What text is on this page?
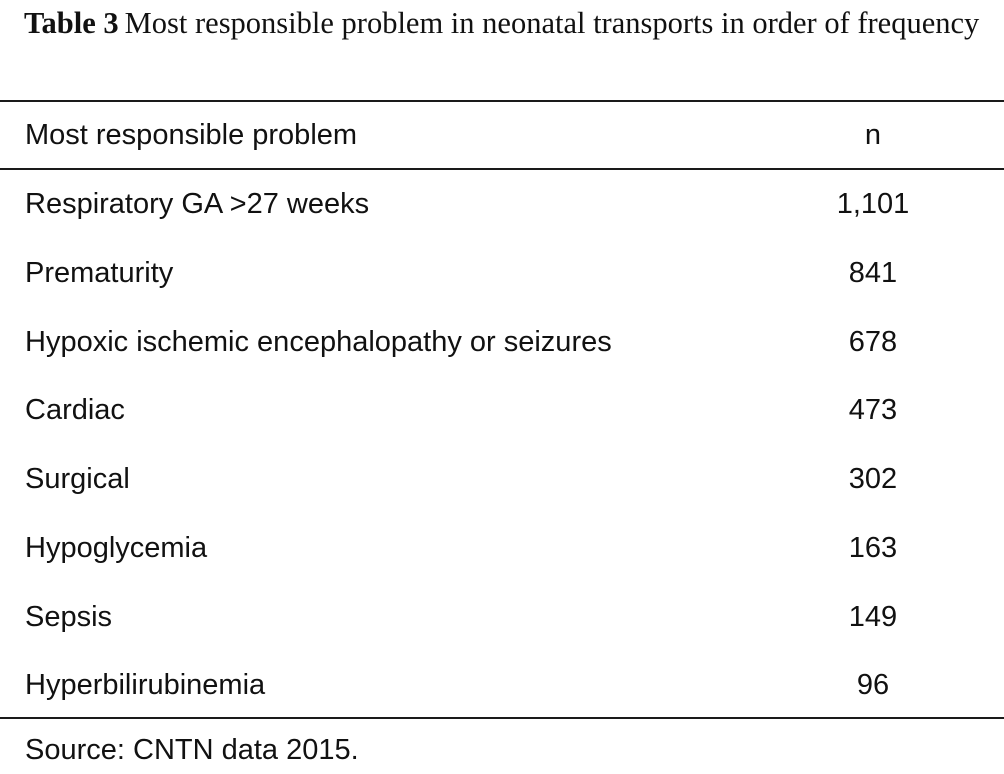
Table 3 Most responsible problem in neonatal transports in order of frequency
Most responsible problem	n
Respiratory GA >27 weeks	1,101
Prematurity	841
Hypoxic ischemic encephalopathy or seizures	678
Cardiac	473
Surgical	302
Hypoglycemia	163
Sepsis	149
Hyperbilirubinemia	96
Source: CNTN data 2015.
